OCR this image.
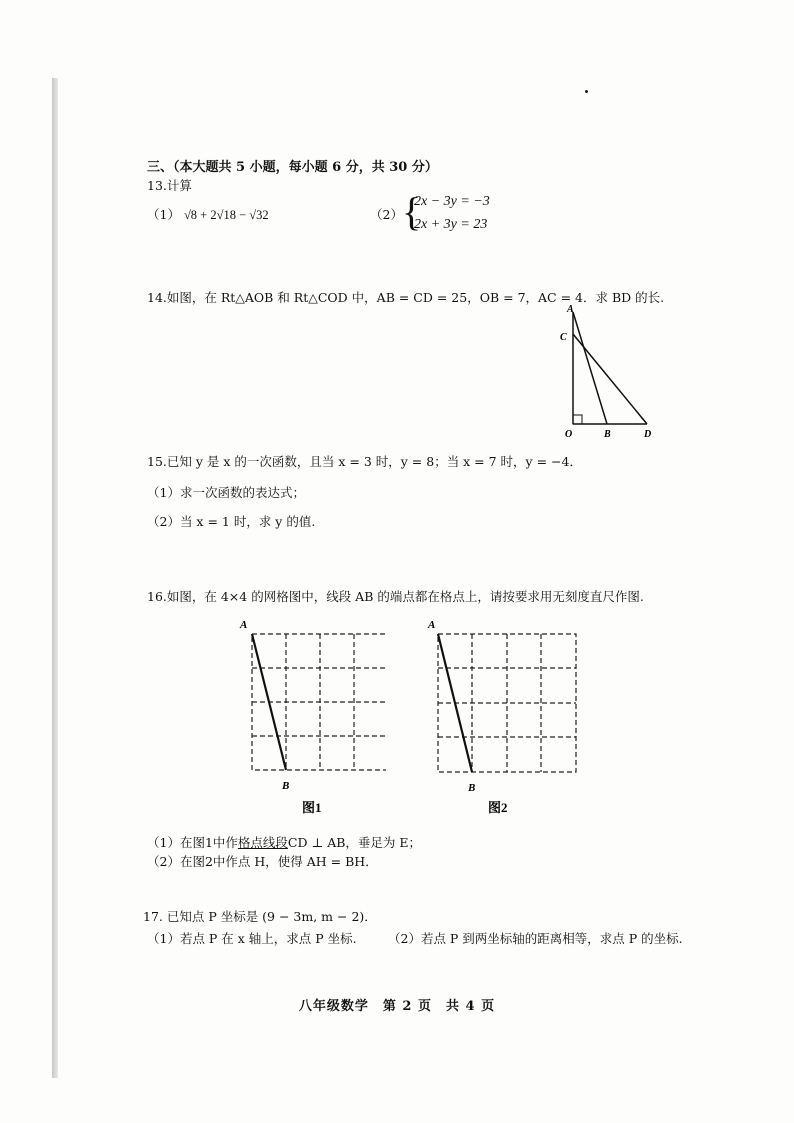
三、（本大题共 5 小题，每小题 6 分，共 30 分）
13.计算
（1） √8 + 2√18 − √32	（2） {
2x − 3y = −3
2x + 3y = 23
14.如图，在 Rt△AOB 和 Rt△COD 中，AB = CD = 25，OB = 7，AC = 4．求 BD 的长.
A
C
O	B	D
15.已知 y 是 x 的一次函数，且当 x = 3 时，y = 8；当 x = 7 时，y = −4．
（1）求一次函数的表达式；
（2）当 x = 1 时，求 y 的值.
16.如图，在 4×4 的网格图中，线段 AB 的端点都在格点上，请按要求用无刻度直尺作图.
A
B
图1
A
B
图2
（1）在图1中作格点线段CD ⊥ AB，垂足为 E；
（2）在图2中作点 H，使得 AH = BH．
17. 已知点 P 坐标是 (9 − 3m, m − 2)．
（1）若点 P 在 x 轴上，求点 P 坐标.	（2）若点 P 到两坐标轴的距离相等，求点 P 的坐标.
八年级数学　第 2 页　共 4 页
